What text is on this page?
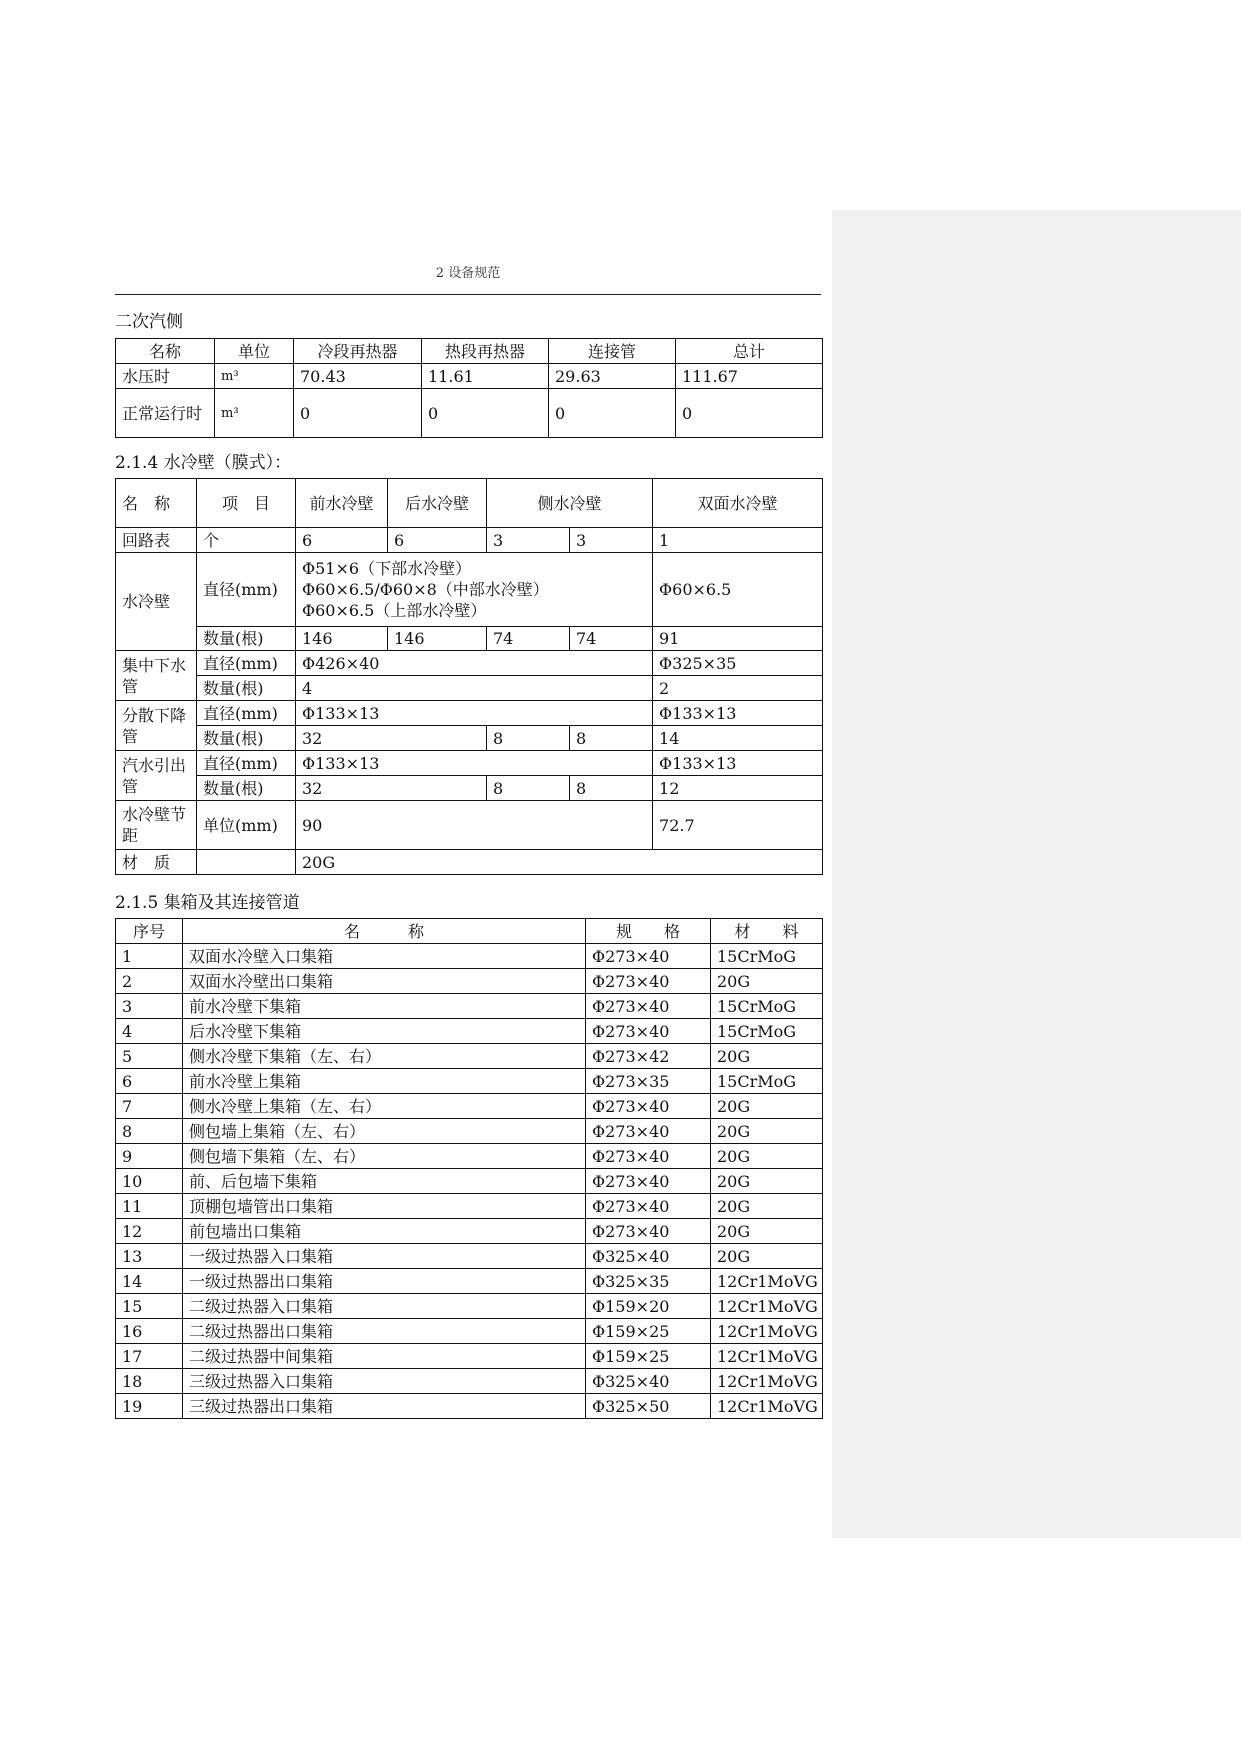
2 设备规范
二次汽侧
名称	单位	冷段再热器	热段再热器	连接管	总计
水压时	m³	70.43	11.61	29.63	111.67
正常运行时	m³	0	0	0	0
2.1.4 水冷壁（膜式）：
名　称	项　目	前水冷壁	后水冷壁	侧水冷壁		双面水冷壁
回路表	个	6	6	3	3	1
水冷壁	直径(mm)	Φ51×6（下部水冷壁）
Φ60×6.5/Φ60×8（中部水冷壁）
Φ60×6.5（上部水冷壁）				Φ60×6.5
	数量(根)	146	146	74	74	91
集中下水管	直径(mm)	Φ426×40				Φ325×35
	数量(根)	4				2
分散下降管	直径(mm)	Φ133×13				Φ133×13
	数量(根)	32		8	8	14
汽水引出管	直径(mm)	Φ133×13				Φ133×13
	数量(根)	32		8	8	12
水冷壁节距	单位(mm)	90				72.7
材　质		20G				
2.1.5 集箱及其连接管道
序号	名　　　称	规　　格	材　　料
1	双面水冷壁入口集箱	Φ273×40	15CrMoG
2	双面水冷壁出口集箱	Φ273×40	20G
3	前水冷壁下集箱	Φ273×40	15CrMoG
4	后水冷壁下集箱	Φ273×40	15CrMoG
5	侧水冷壁下集箱（左、右）	Φ273×42	20G
6	前水冷壁上集箱	Φ273×35	15CrMoG
7	侧水冷壁上集箱（左、右）	Φ273×40	20G
8	侧包墙上集箱（左、右）	Φ273×40	20G
9	侧包墙下集箱（左、右）	Φ273×40	20G
10	前、后包墙下集箱	Φ273×40	20G
11	顶棚包墙管出口集箱	Φ273×40	20G
12	前包墙出口集箱	Φ273×40	20G
13	一级过热器入口集箱	Φ325×40	20G
14	一级过热器出口集箱	Φ325×35	12Cr1MoVG
15	二级过热器入口集箱	Φ159×20	12Cr1MoVG
16	二级过热器出口集箱	Φ159×25	12Cr1MoVG
17	二级过热器中间集箱	Φ159×25	12Cr1MoVG
18	三级过热器入口集箱	Φ325×40	12Cr1MoVG
19	三级过热器出口集箱	Φ325×50	12Cr1MoVG
